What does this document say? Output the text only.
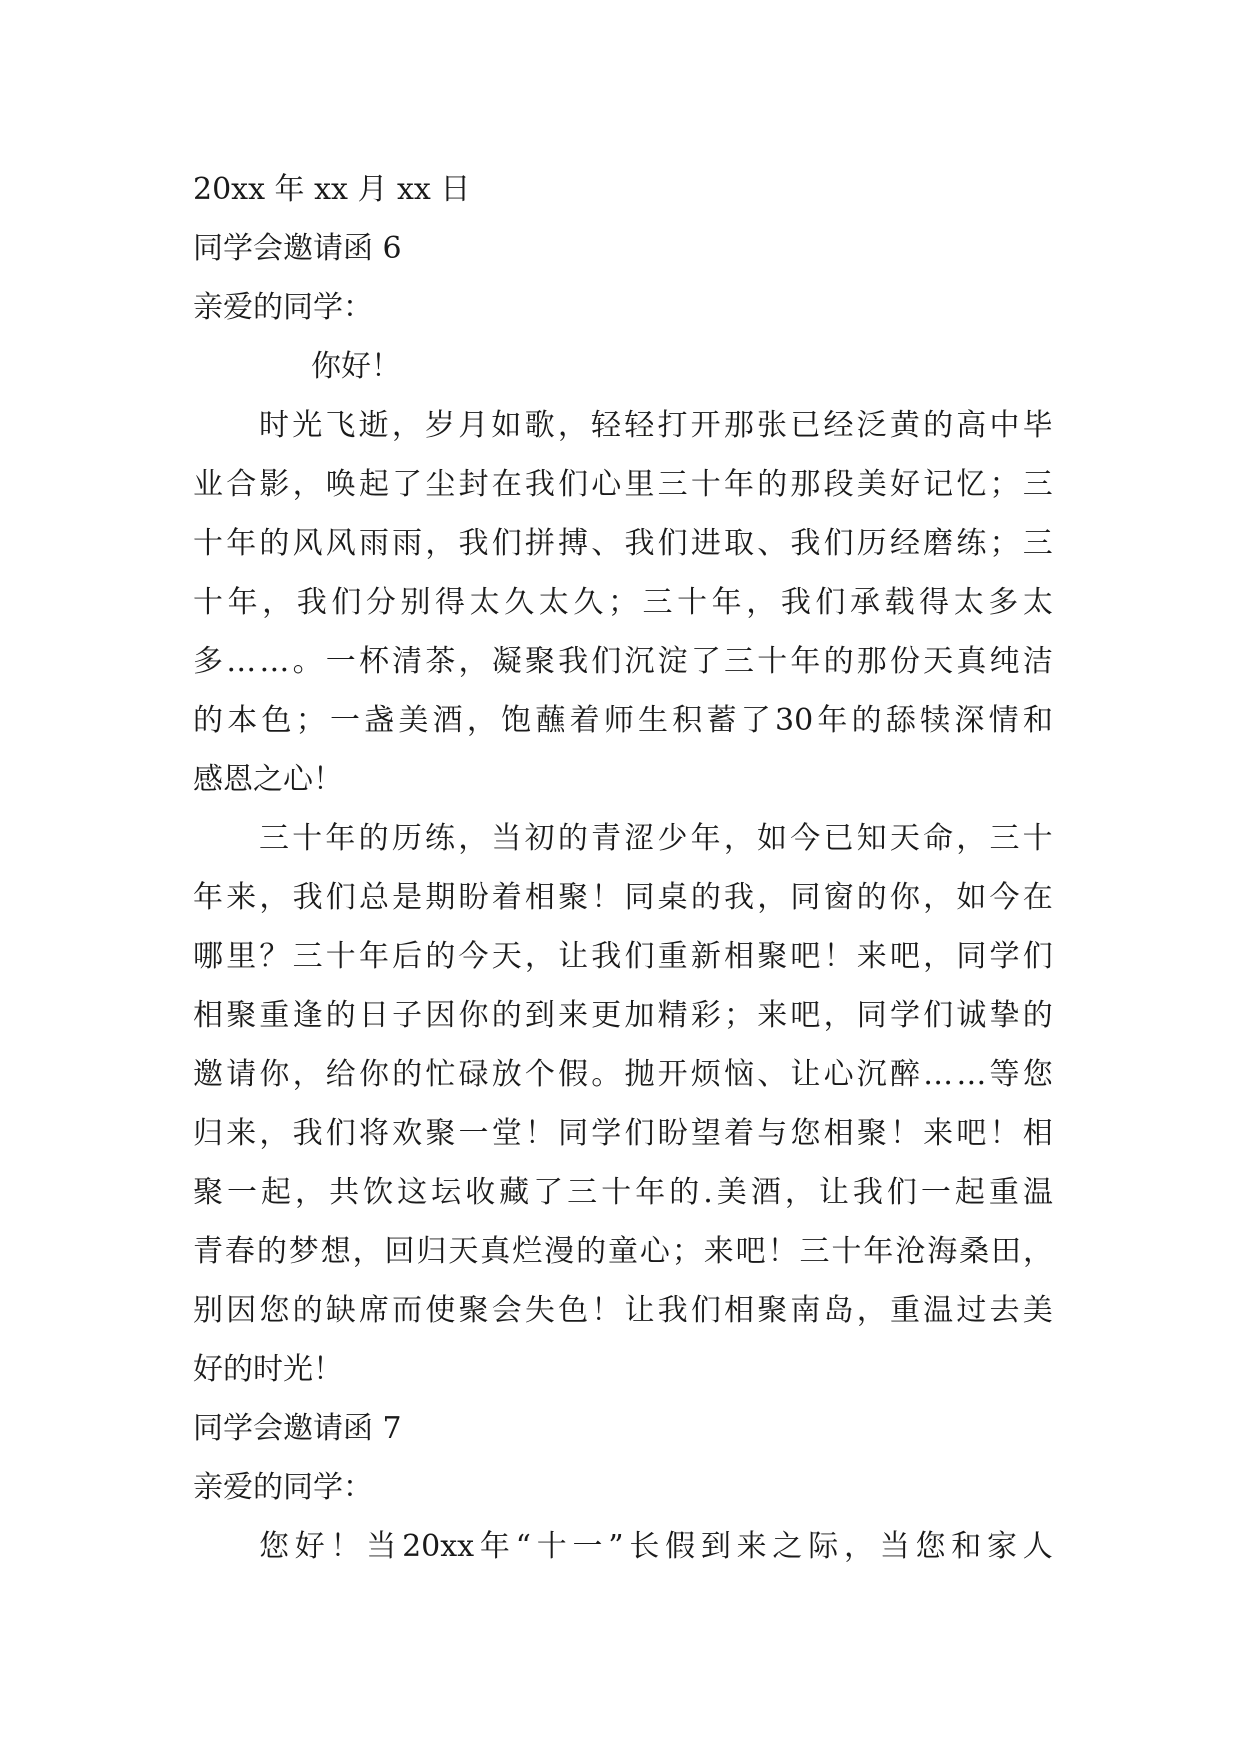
20xx 年 xx 月 xx 日
同学会邀请函 6
亲爱的同学：
你好！
时 光 飞 逝 ， 岁 月 如 歌 ， 轻 轻 打 开 那 张 已 经 泛 黄 的 高 中 毕
业 合 影 ， 唤 起 了 尘 封 在 我 们 心 里 三 十 年 的 那 段 美 好 记 忆 ； 三
十 年 的 风 风 雨 雨 ， 我 们 拼 搏 、 我 们 进 取 、 我 们 历 经 磨 练 ； 三
十 年 ， 我 们 分 别 得 太 久 太 久 ； 三 十 年 ， 我 们 承 载 得 太 多 太
多 … … 。 一 杯 清 茶 ， 凝 聚 我 们 沉 淀 了 三 十 年 的 那 份 天 真 纯 洁
的 本 色 ； 一 盏 美 酒 ， 饱 蘸 着 师 生 积 蓄 了 30 年 的 舔 犊 深 情 和
感 恩 之 心 ！
三 十 年 的 历 练 ， 当 初 的 青 涩 少 年 ， 如 今 已 知 天 命 ， 三 十
年 来 ， 我 们 总 是 期 盼 着 相 聚 ！ 同 桌 的 我 ， 同 窗 的 你 ， 如 今 在
哪 里 ？ 三 十 年 后 的 今 天 ， 让 我 们 重 新 相 聚 吧 ！ 来 吧 ， 同 学 们
相 聚 重 逢 的 日 子 因 你 的 到 来 更 加 精 彩 ； 来 吧 ， 同 学 们 诚 挚 的
邀 请 你 ， 给 你 的 忙 碌 放 个 假 。 抛 开 烦 恼 、 让 心 沉 醉 … … 等 您
归 来 ， 我 们 将 欢 聚 一 堂 ！ 同 学 们 盼 望 着 与 您 相 聚 ！ 来 吧 ！ 相
聚 一 起 ， 共 饮 这 坛 收 藏 了 三 十 年 的 . 美 酒 ， 让 我 们 一 起 重 温
青 春 的 梦 想 ， 回 归 天 真 烂 漫 的 童 心 ； 来 吧 ！ 三 十 年 沧 海 桑 田 ，
别 因 您 的 缺 席 而 使 聚 会 失 色 ！ 让 我 们 相 聚 南 岛 ， 重 温 过 去 美
好 的 时 光 ！
同学会邀请函 7
亲爱的同学：
您 好 ！ 当 20xx 年 “ 十 一 ” 长 假 到 来 之 际 ， 当 您 和 家 人
